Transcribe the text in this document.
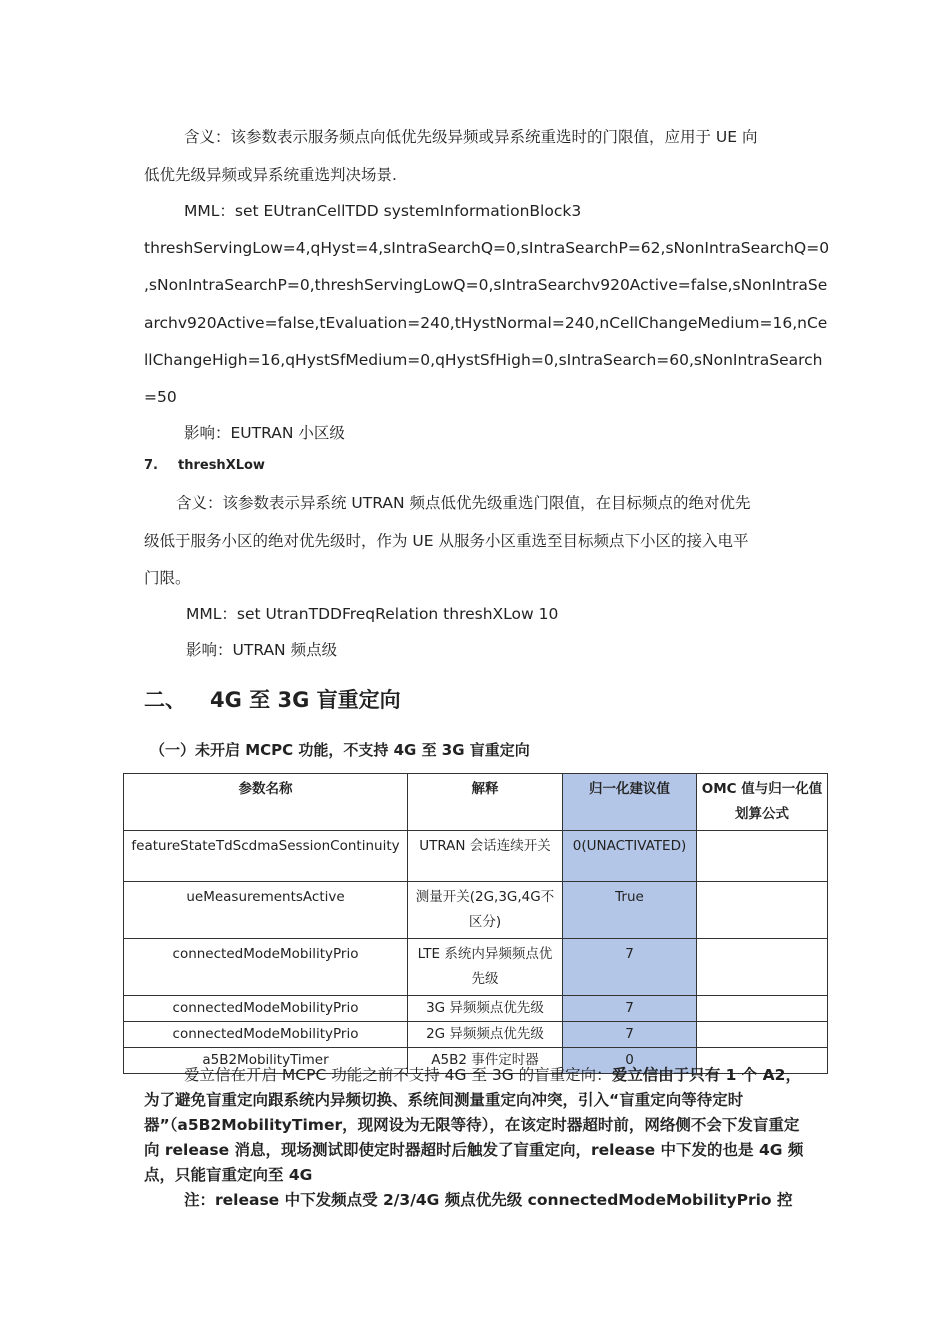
含义：该参数表示服务频点向低优先级异频或异系统重选时的门限值，应用于 UE 向
低优先级异频或异系统重选判决场景.
MML：set EUtranCellTDD systemInformationBlock3
threshServingLow=4,qHyst=4,sIntraSearchQ=0,sIntraSearchP=62,sNonIntraSearchQ=0
,sNonIntraSearchP=0,threshServingLowQ=0,sIntraSearchv920Active=false,sNonIntraSe
archv920Active=false,tEvaluation=240,tHystNormal=240,nCellChangeMedium=16,nCe
llChangeHigh=16,qHystSfMedium=0,qHystSfHigh=0,sIntraSearch=60,sNonIntraSearch
=50
影响：EUTRAN 小区级
7. threshXLow
含义：该参数表示异系统 UTRAN 频点低优先级重选门限值，在目标频点的绝对优先
级低于服务小区的绝对优先级时，作为 UE 从服务小区重选至目标频点下小区的接入电平
门限。
MML：set UtranTDDFreqRelation threshXLow 10
影响：UTRAN 频点级
二、 4G 至 3G 盲重定向
（一）未开启 MCPC 功能，不支持 4G 至 3G 盲重定向
参数名称	解释	归一化建议值	OMC 值与归一化值划算公式
featureStateTdScdmaSessionContinuity	UTRAN 会话连续开关	0(UNACTIVATED)	
ueMeasurementsActive	测量开关(2G,3G,4G不区分)	True	
connectedModeMobilityPrio	LTE 系统内异频频点优先级	7	
connectedModeMobilityPrio	3G 异频频点优先级	7	
connectedModeMobilityPrio	2G 异频频点优先级	7	
a5B2MobilityTimer	A5B2 事件定时器	0	
爱立信在开启 MCPC 功能之前不支持 4G 至 3G 的盲重定向：爱立信由于只有 1 个 A2，为了避免盲重定向跟系统内异频切换、系统间测量重定向冲突，引入“盲重定向等待定时器”（a5B2MobilityTimer，现网设为无限等待），在该定时器超时前，网络侧不会下发盲重定向 release 消息，现场测试即使定时器超时后触发了盲重定向，release 中下发的也是 4G 频点，只能盲重定向至 4G
注：release 中下发频点受 2/3/4G 频点优先级 connectedModeMobilityPrio 控
